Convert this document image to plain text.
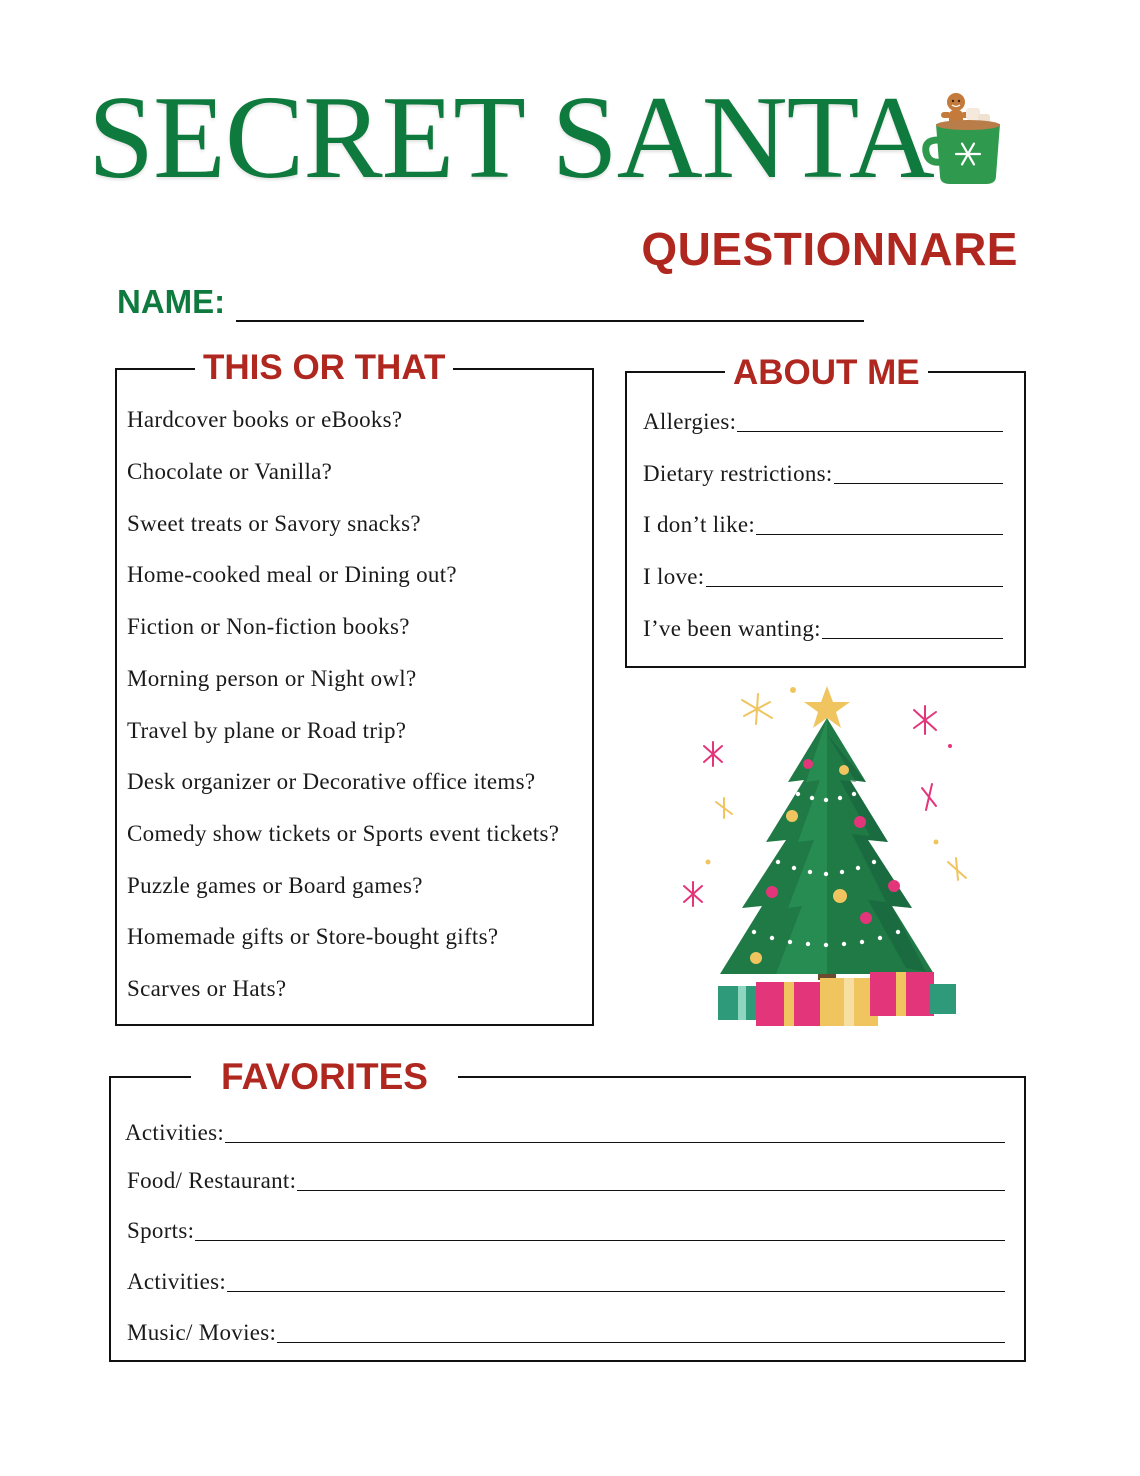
SECRET SANTA
QUESTIONNARE
NAME:
THIS OR THAT
Hardcover books or eBooks?
Chocolate or Vanilla?
Sweet treats or Savory snacks?
Home-cooked meal or Dining out?
Fiction or Non-fiction books?
Morning person or Night owl?
Travel by plane or Road trip?
Desk organizer or Decorative office items?
Comedy show tickets or Sports event tickets?
Puzzle games or Board games?
Homemade gifts or Store-bought gifts?
Scarves or Hats?
ABOUT ME
Allergies:
Dietary restrictions:
I don’t like:
I love:
I’ve been wanting:
FAVORITES
Activities:
Food/ Restaurant:
Sports:
Activities:
Music/ Movies:
